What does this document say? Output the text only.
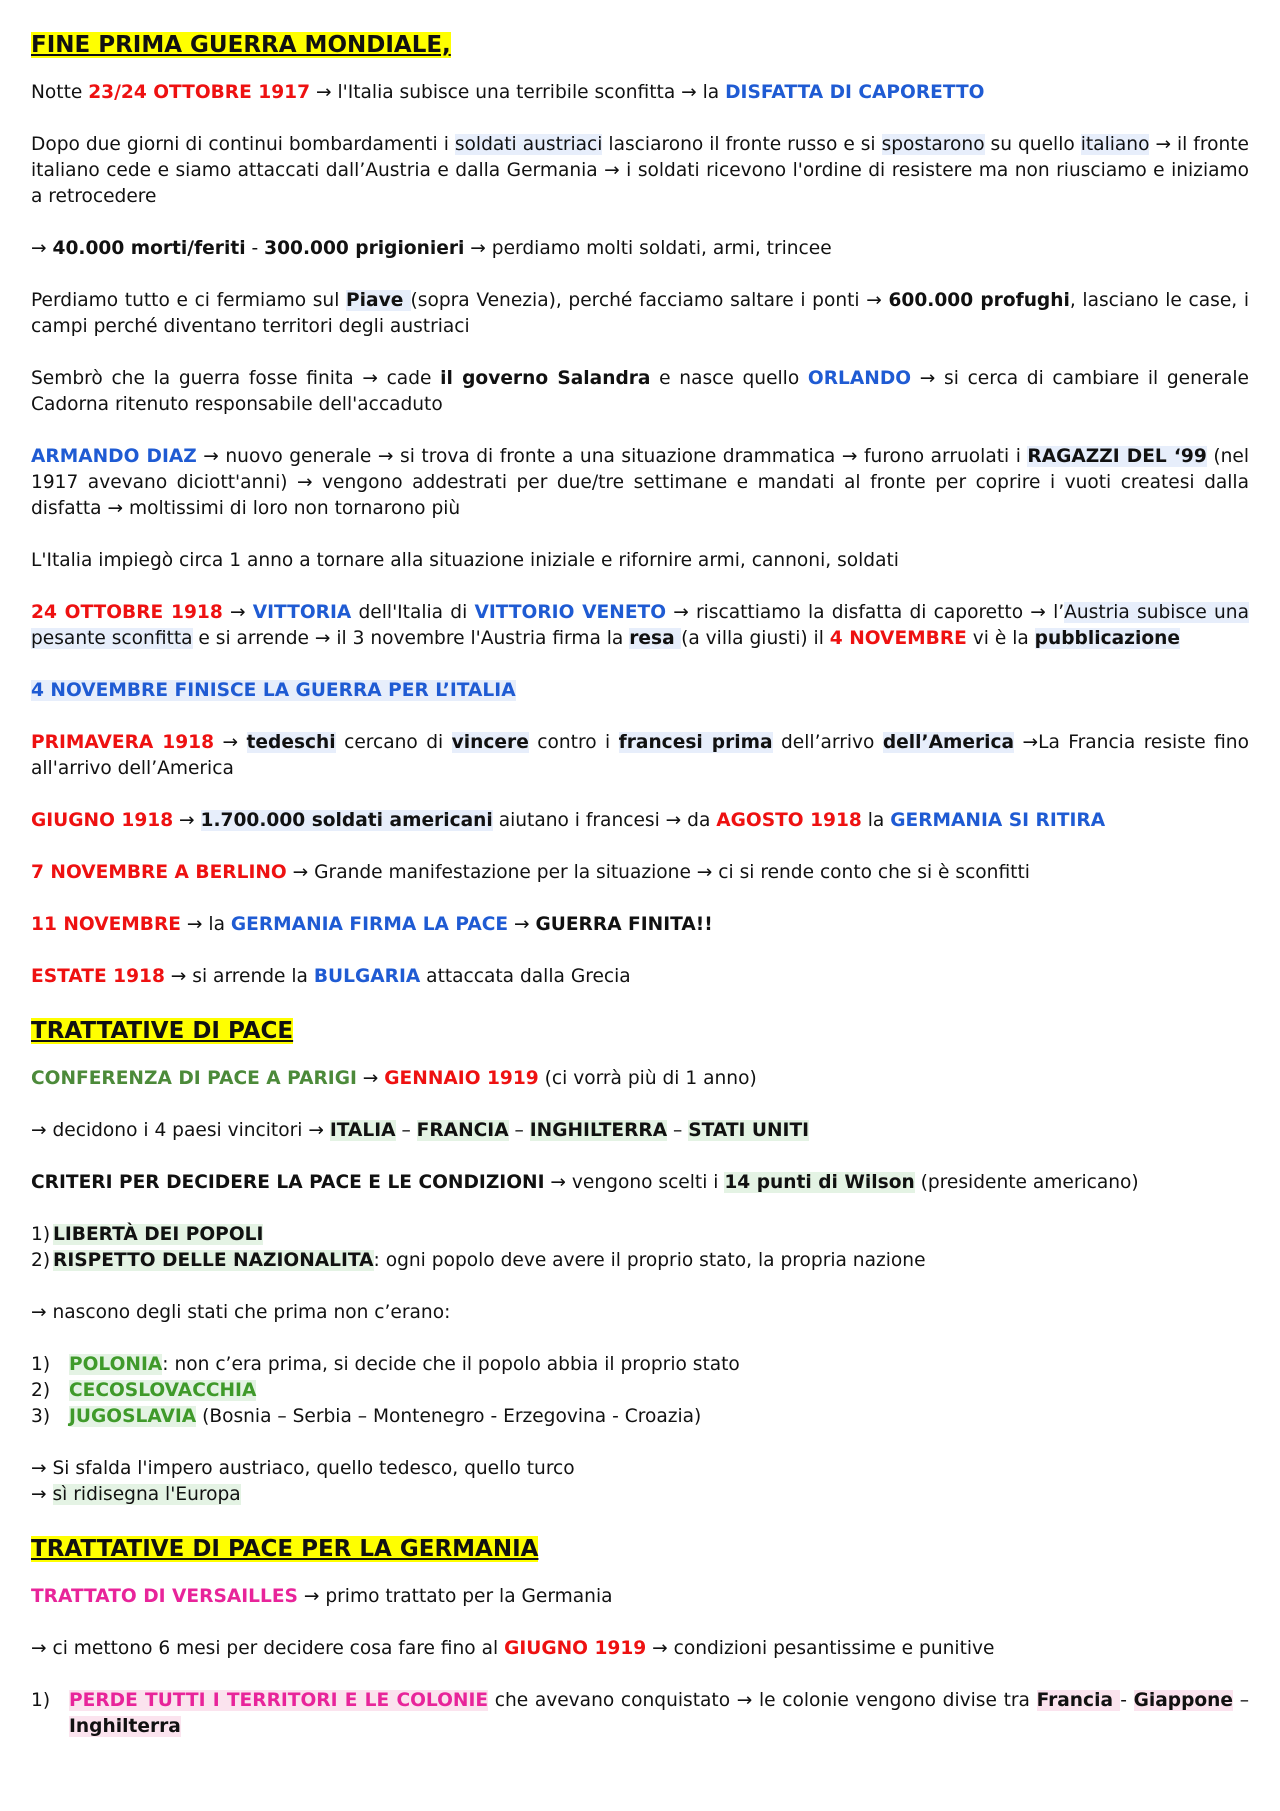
FINE PRIMA GUERRA MONDIALE,

Notte 23/24 OTTOBRE 1917 → l'Italia subisce una terribile sconfitta → la DISFATTA DI CAPORETTO

Dopo due giorni di continui bombardamenti i soldati austriaci lasciarono il fronte russo e si spostarono su quello italiano → il fronte italiano cede e siamo attaccati dall’Austria e dalla Germania → i soldati ricevono l'ordine di resistere ma non riusciamo e iniziamo a retrocedere

→ 40.000 morti/feriti - 300.000 prigionieri → perdiamo molti soldati, armi, trincee

Perdiamo tutto e ci fermiamo sul Piave (sopra Venezia), perché facciamo saltare i ponti → 600.000 profughi, lasciano le case, i campi perché diventano territori degli austriaci

Sembrò che la guerra fosse finita → cade il governo Salandra e nasce quello ORLANDO → si cerca di cambiare il generale Cadorna ritenuto responsabile dell'accaduto

ARMANDO DIAZ → nuovo generale → si trova di fronte a una situazione drammatica → furono arruolati i RAGAZZI DEL ‘99 (nel 1917 avevano diciott'anni) → vengono addestrati per due/tre settimane e mandati al fronte per coprire i vuoti createsi dalla disfatta → moltissimi di loro non tornarono più

L'Italia impiegò circa 1 anno a tornare alla situazione iniziale e rifornire armi, cannoni, soldati

24 OTTOBRE 1918 → VITTORIA dell'Italia di VITTORIO VENETO → riscattiamo la disfatta di caporetto → l’Austria subisce una pesante sconfitta e si arrende → il 3 novembre l'Austria firma la resa (a villa giusti) il 4 NOVEMBRE vi è la pubblicazione

4 NOVEMBRE FINISCE LA GUERRA PER L’ITALIA

PRIMAVERA 1918 → tedeschi cercano di vincere contro i francesi prima dell’arrivo dell’America →La Francia resiste fino all'arrivo dell’America

GIUGNO 1918 → 1.700.000 soldati americani aiutano i francesi → da AGOSTO 1918 la GERMANIA SI RITIRA

7 NOVEMBRE A BERLINO → Grande manifestazione per la situazione → ci si rende conto che si è sconfitti

11 NOVEMBRE → la GERMANIA FIRMA LA PACE → GUERRA FINITA!!

ESTATE 1918 → si arrende la BULGARIA attaccata dalla Grecia

TRATTATIVE DI PACE

CONFERENZA DI PACE A PARIGI → GENNAIO 1919 (ci vorrà più di 1 anno)

→ decidono i 4 paesi vincitori → ITALIA – FRANCIA – INGHILTERRA – STATI UNITI

CRITERI PER DECIDERE LA PACE E LE CONDIZIONI → vengono scelti i 14 punti di Wilson (presidente americano)

1) LIBERTÀ DEI POPOLI
2) RISPETTO DELLE NAZIONALITA: ogni popolo deve avere il proprio stato, la propria nazione

→ nascono degli stati che prima non c’erano:

1)	POLONIA: non c’era prima, si decide che il popolo abbia il proprio stato
2)	CECOSLOVACCHIA
3)	JUGOSLAVIA (Bosnia – Serbia – Montenegro - Erzegovina - Croazia)
→ Si sfalda l'impero austriaco, quello tedesco, quello turco
→ sì ridisegna l'Europa
TRATTATIVE DI PACE PER LA GERMANIA

TRATTATO DI VERSAILLES → primo trattato per la Germania

→ ci mettono 6 mesi per decidere cosa fare fino al GIUGNO 1919 → condizioni pesantissime e punitive

1)	PERDE TUTTI I TERRITORI E LE COLONIE che avevano conquistato → le colonie vengono divise tra Francia - Giappone – Inghilterra
